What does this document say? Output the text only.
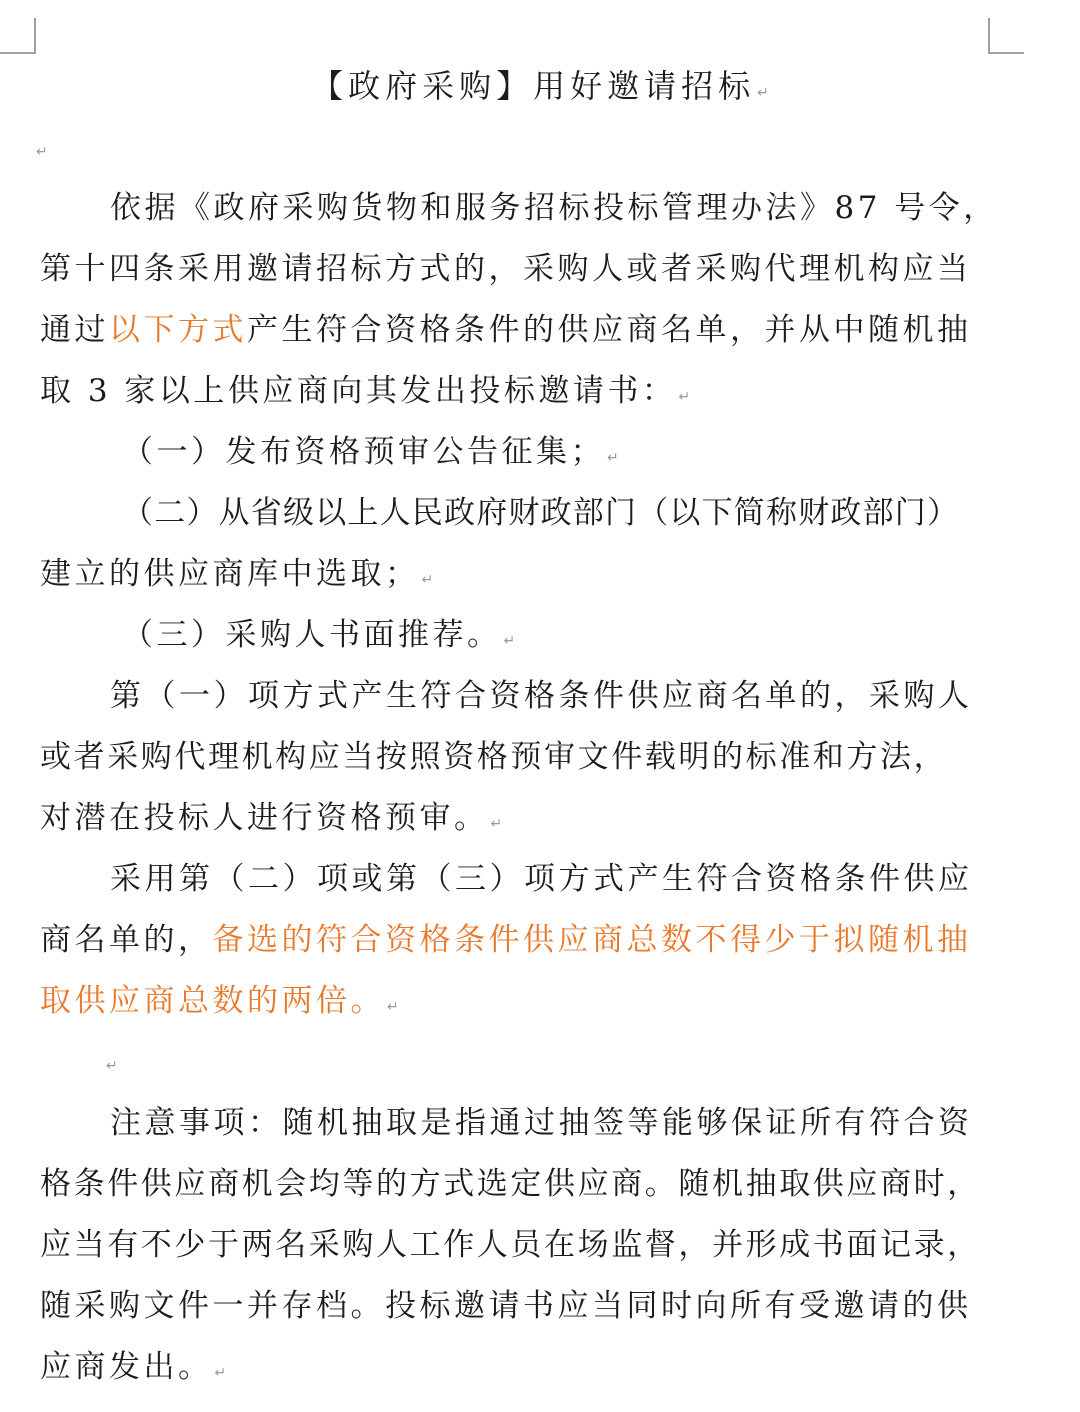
【政府采购】用好邀请招标 ↵
↵
依据《政府采购货物和服务招标投标管理办法》87 号令，
第十四条采用邀请招标方式的，采购人或者采购代理机构应当
通过以下方式产生符合资格条件的供应商名单，并从中随机抽
取 3 家以上供应商向其发出投标邀请书： ↵
（一）发布资格预审公告征集； ↵
（二）从省级以上人民政府财政部门（以下简称财政部门）
建立的供应商库中选取； ↵
（三）采购人书面推荐。 ↵
第（一）项方式产生符合资格条件供应商名单的，采购人
或者采购代理机构应当按照资格预审文件载明的标准和方法，
对潜在投标人进行资格预审。 ↵
采用第（二）项或第（三）项方式产生符合资格条件供应
商名单的，备选的符合资格条件供应商总数不得少于拟随机抽
取供应商总数的两倍。 ↵
↵
注意事项：随机抽取是指通过抽签等能够保证所有符合资
格条件供应商机会均等的方式选定供应商。随机抽取供应商时，
应当有不少于两名采购人工作人员在场监督，并形成书面记录，
随采购文件一并存档。投标邀请书应当同时向所有受邀请的供
应商发出。 ↵
